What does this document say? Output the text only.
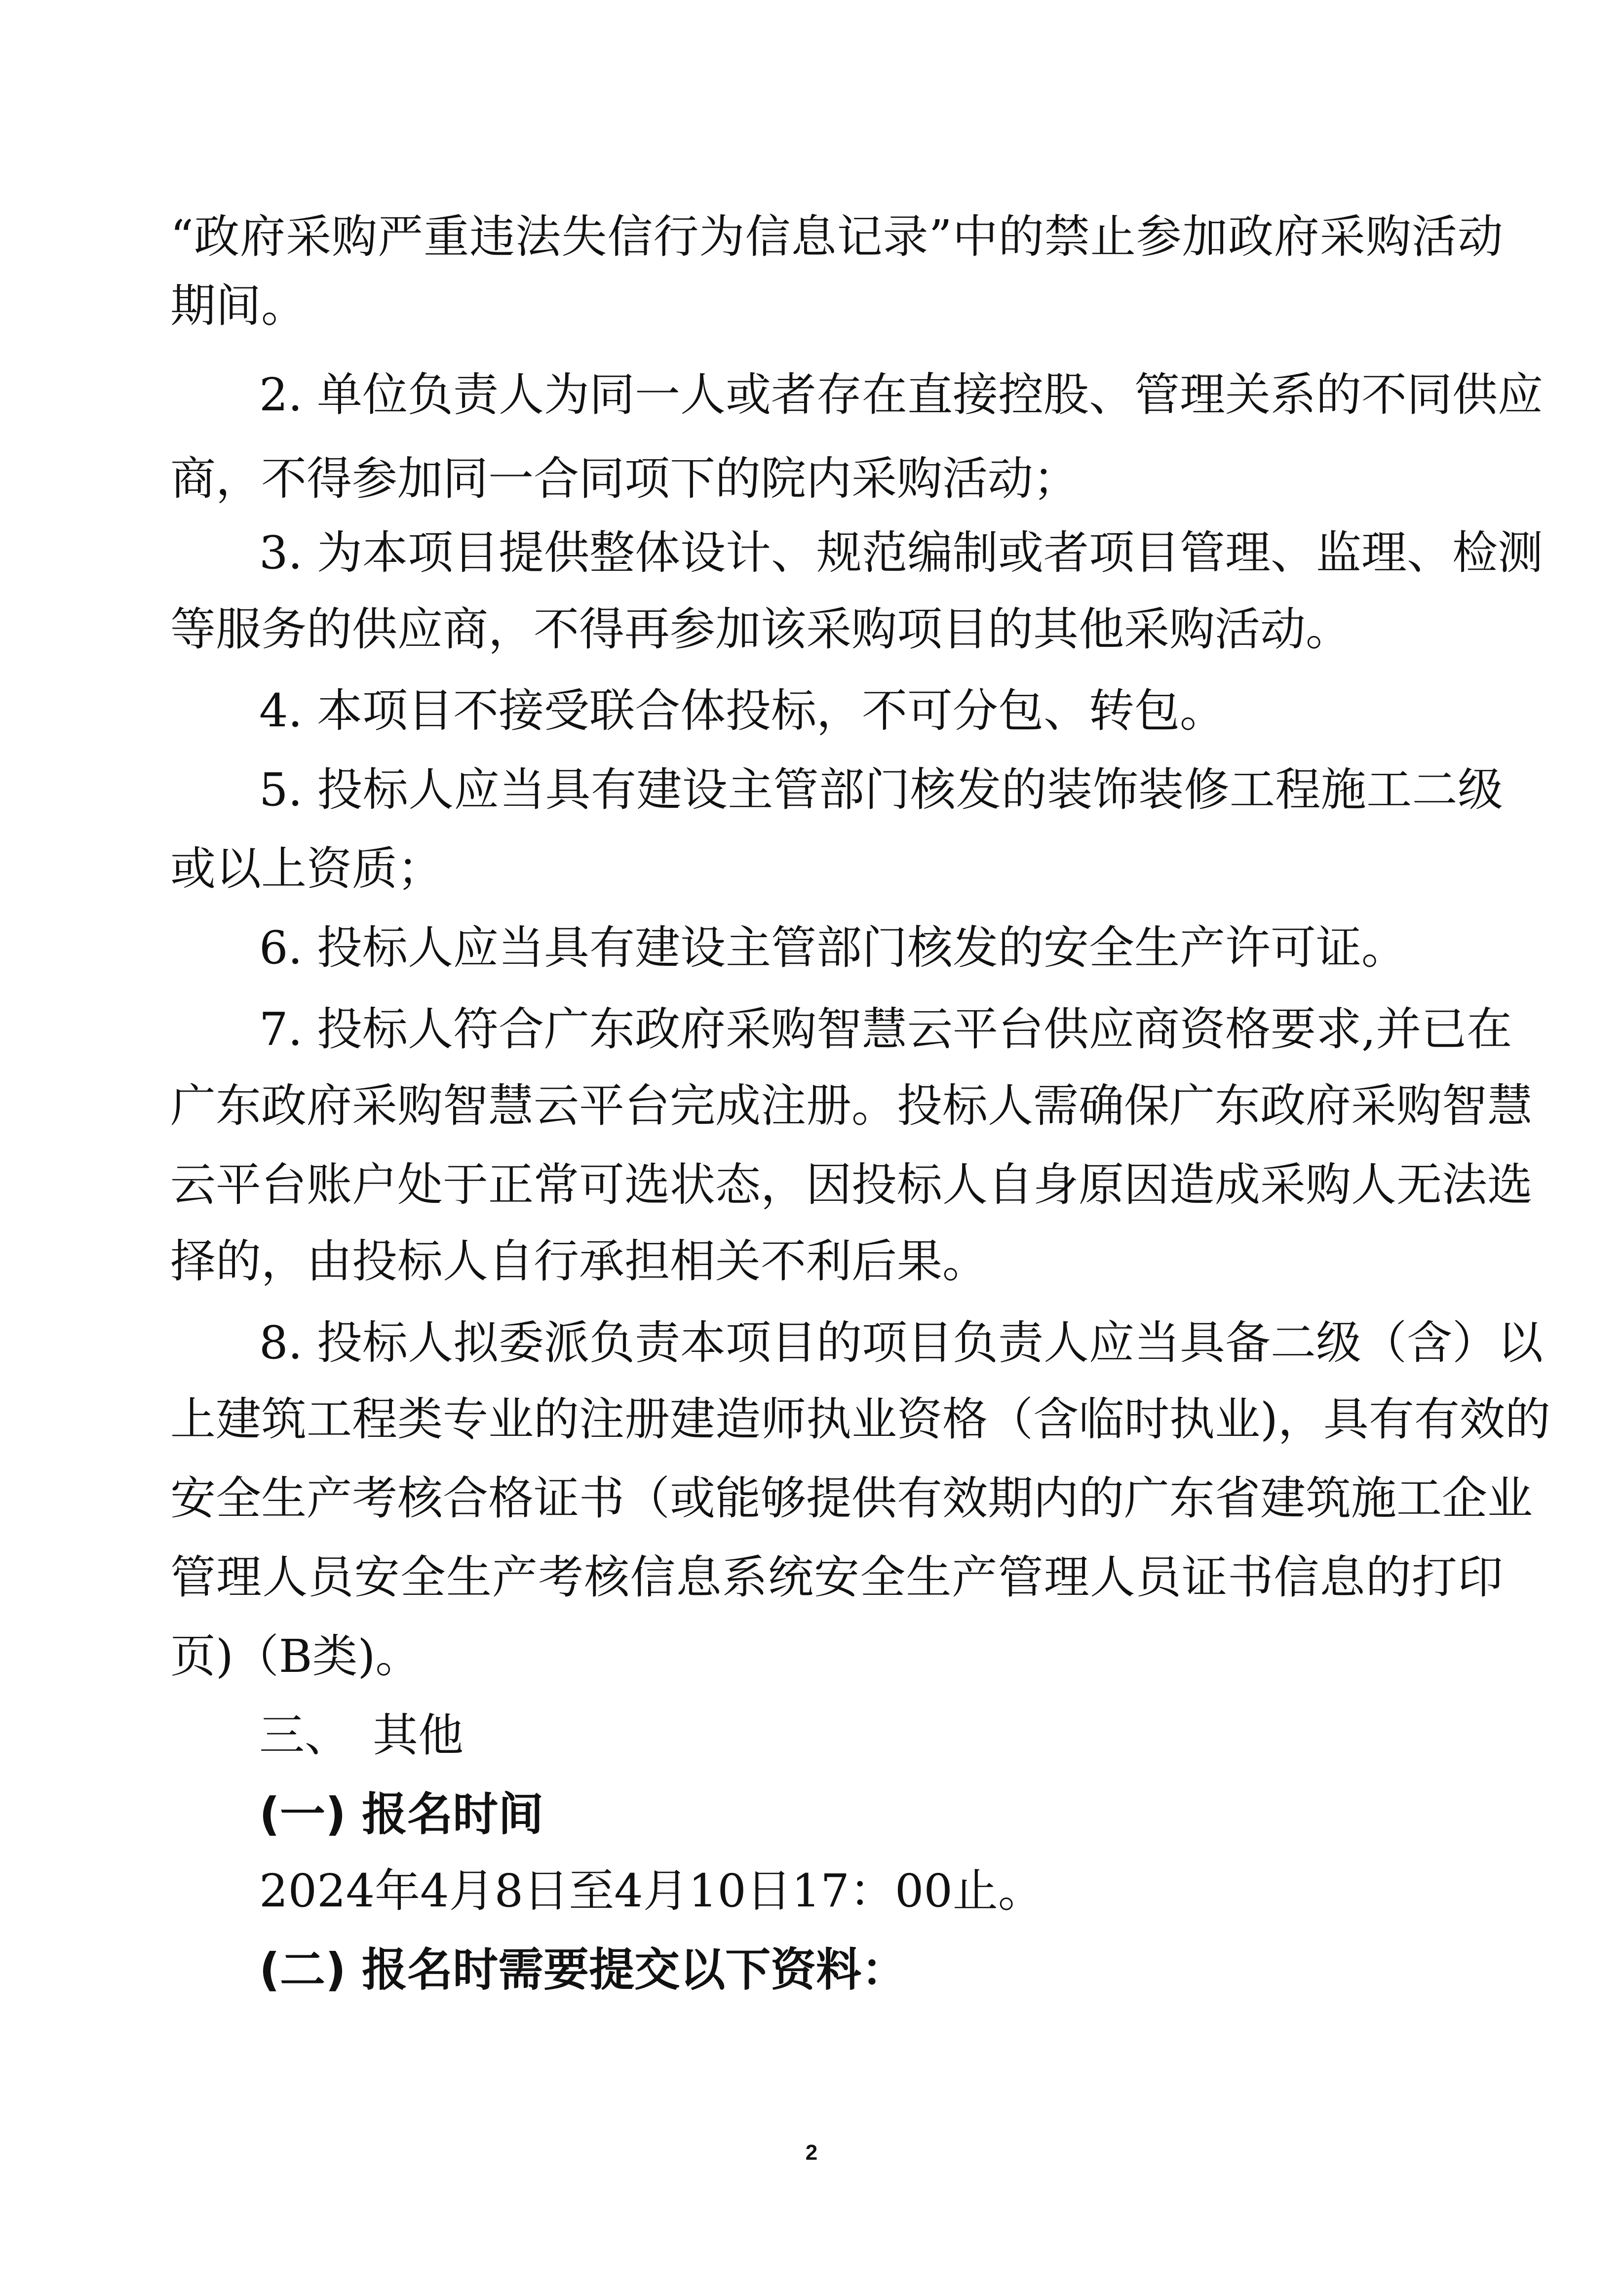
“政府采购严重违法失信行为信息记录”中的禁止参加政府采购活动
期间。
2. 单位负责人为同一人或者存在直接控股、管理关系的不同供应
商，不得参加同一合同项下的院内采购活动；
3. 为本项目提供整体设计、规范编制或者项目管理、监理、检测
等服务的供应商，不得再参加该采购项目的其他采购活动。
4. 本项目不接受联合体投标，不可分包、转包。
5. 投标人应当具有建设主管部门核发的装饰装修工程施工二级
或以上资质；
6. 投标人应当具有建设主管部门核发的安全生产许可证。
7. 投标人符合广东政府采购智慧云平台供应商资格要求,并已在
广东政府采购智慧云平台完成注册。投标人需确保广东政府采购智慧
云平台账户处于正常可选状态，因投标人自身原因造成采购人无法选
择的，由投标人自行承担相关不利后果。
8. 投标人拟委派负责本项目的项目负责人应当具备二级（含）以
上建筑工程类专业的注册建造师执业资格（含临时执业)，具有有效的
安全生产考核合格证书（或能够提供有效期内的广东省建筑施工企业
管理人员安全生产考核信息系统安全生产管理人员证书信息的打印
页)（B类)。
三、　其他
(一) 报名时间
2024年4月8日至4月10日17：00止。
(二) 报名时需要提交以下资料：
2
